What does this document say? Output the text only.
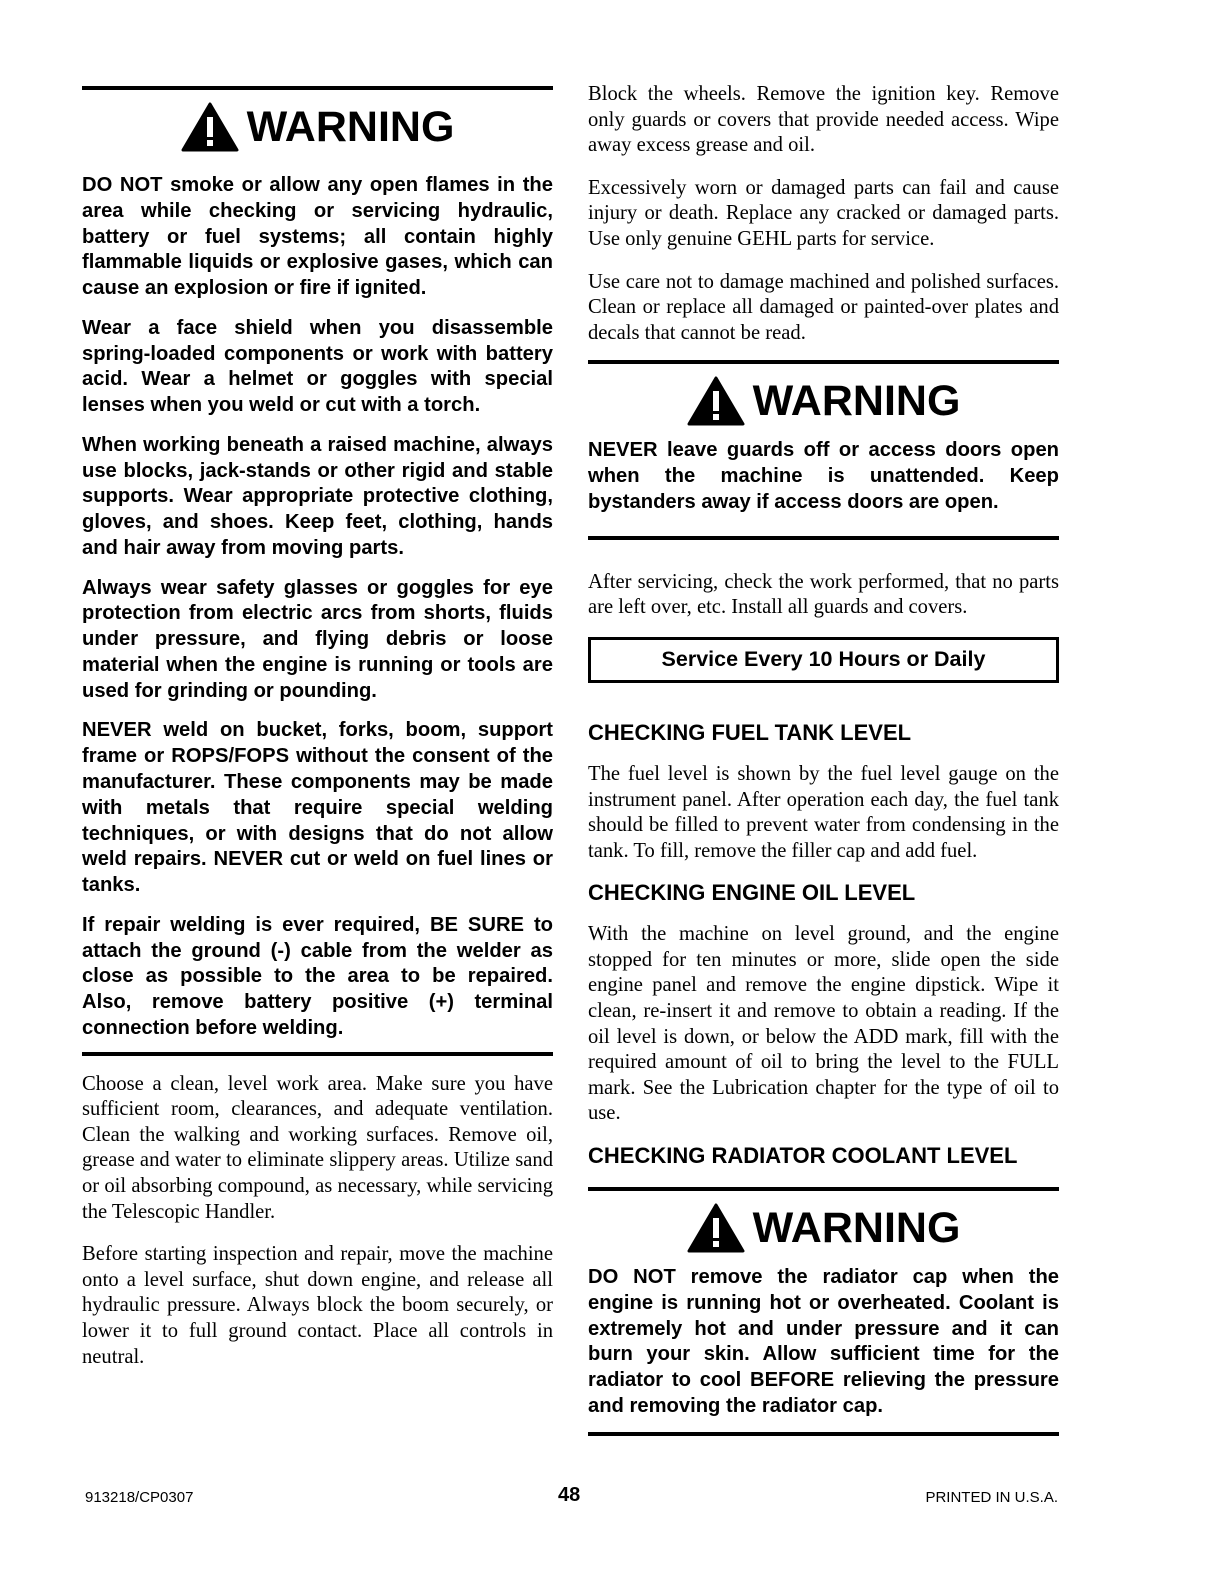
WARNING

DO NOT smoke or allow any open flames in the area while checking or servicing hydraulic, battery or fuel systems; all contain highly flammable liquids or explosive gases, which can cause an explosion or fire if ignited.

Wear a face shield when you disassemble spring-loaded components or work with battery acid. Wear a helmet or goggles with special lenses when you weld or cut with a torch.

When working beneath a raised machine, always use blocks, jack-stands or other rigid and stable supports. Wear appropriate protective clothing, gloves, and shoes. Keep feet, clothing, hands and hair away from moving parts.

Always wear safety glasses or goggles for eye protection from electric arcs from shorts, fluids under pressure, and flying debris or loose material when the engine is running or tools are used for grinding or pounding.

NEVER weld on bucket, forks, boom, support frame or ROPS/FOPS without the consent of the manufacturer. These components may be made with metals that require special welding techniques, or with designs that do not allow weld repairs. NEVER cut or weld on fuel lines or tanks.

If repair welding is ever required, BE SURE to attach the ground (-) cable from the welder as close as possible to the area to be repaired. Also, remove battery positive (+) terminal connection before welding.

Choose a clean, level work area. Make sure you have sufficient room, clearances, and adequate ventilation. Clean the walking and working surfaces. Remove oil, grease and water to eliminate slippery areas. Utilize sand or oil absorbing compound, as necessary, while servicing the Telescopic Handler.

Before starting inspection and repair, move the machine onto a level surface, shut down engine, and release all hydraulic pressure. Always block the boom securely, or lower it to full ground contact. Place all controls in neutral.

Block the wheels. Remove the ignition key. Remove only guards or covers that provide needed access. Wipe away excess grease and oil.

Excessively worn or damaged parts can fail and cause injury or death. Replace any cracked or damaged parts. Use only genuine GEHL parts for service.

Use care not to damage machined and polished surfaces. Clean or replace all damaged or painted-over plates and decals that cannot be read.

WARNING

NEVER leave guards off or access doors open when the machine is unattended. Keep bystanders away if access doors are open.

After servicing, check the work performed, that no parts are left over, etc. Install all guards and covers.

Service Every 10 Hours or Daily
CHECKING FUEL TANK LEVEL

The fuel level is shown by the fuel level gauge on the instrument panel. After operation each day, the fuel tank should be filled to prevent water from condensing in the tank. To fill, remove the filler cap and add fuel.

CHECKING ENGINE OIL LEVEL

With the machine on level ground, and the engine stopped for ten minutes or more, slide open the side engine panel and remove the engine dipstick. Wipe it clean, re-insert it and remove to obtain a reading. If the oil level is down, or below the ADD mark, fill with the required amount of oil to bring the level to the FULL mark. See the Lubrication chapter for the type of oil to use.

CHECKING RADIATOR COOLANT LEVEL
WARNING

DO NOT remove the radiator cap when the engine is running hot or overheated. Coolant is extremely hot and under pressure and it can burn your skin. Allow sufficient time for the radiator to cool BEFORE relieving the pressure and removing the radiator cap.

913218/CP0307	48	PRINTED IN U.S.A.
